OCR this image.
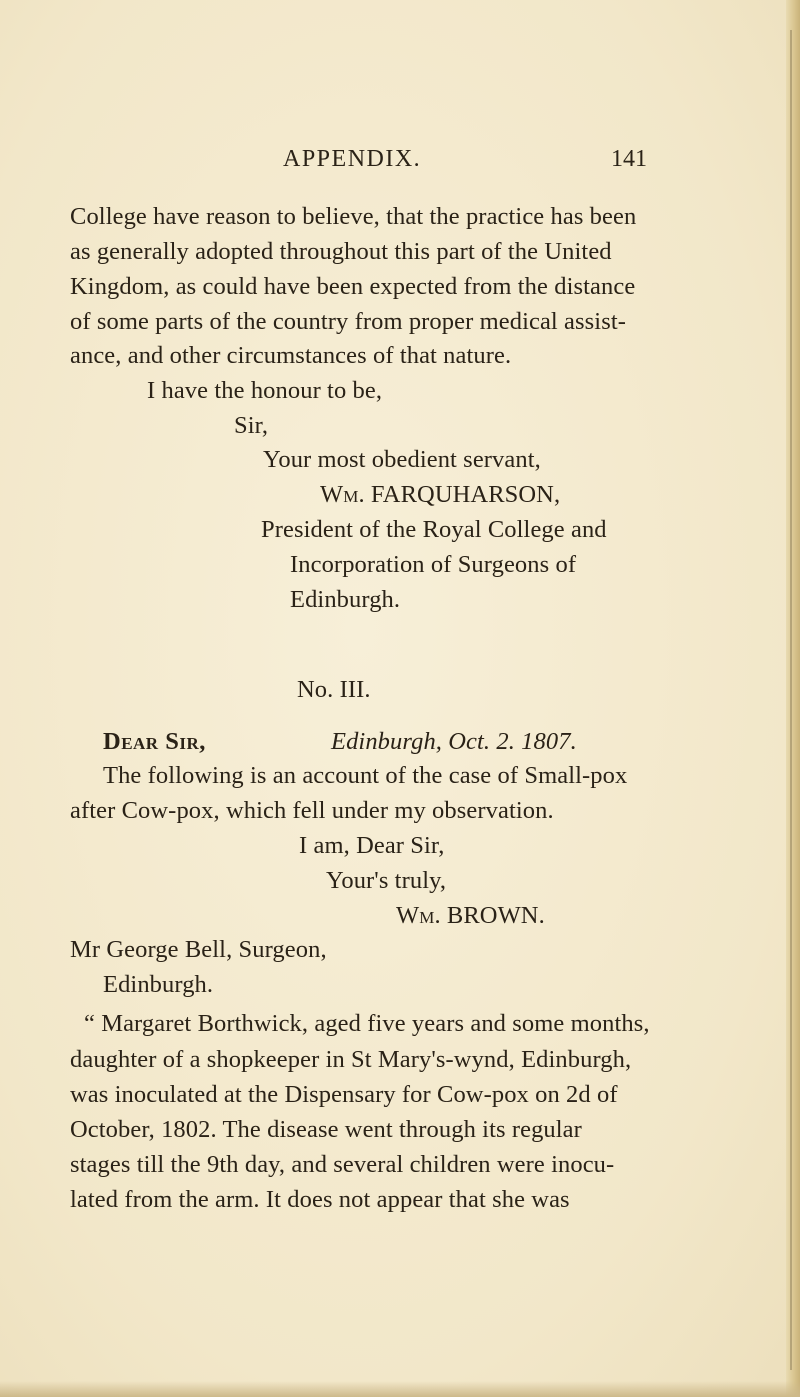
APPENDIX.	141
College have reason to believe, that the practice has been
as generally adopted throughout this part of the United
Kingdom, as could have been expected from the distance
of some parts of the country from proper medical assist-
ance, and other circumstances of that nature.
I have the honour to be,
Sir,
Your most obedient servant,
Wm. FARQUHARSON,
President of the Royal College and
Incorporation of Surgeons of
Edinburgh.
No. III.
Dear Sir,	Edinburgh, Oct. 2. 1807.
The following is an account of the case of Small-pox
after Cow-pox, which fell under my observation.
I am, Dear Sir,
Your's truly,
Wm. BROWN.
Mr George Bell, Surgeon,
Edinburgh.
“ Margaret Borthwick, aged five years and some months,
daughter of a shopkeeper in St Mary's-wynd, Edinburgh,
was inoculated at the Dispensary for Cow-pox on 2d of
October, 1802. The disease went through its regular
stages till the 9th day, and several children were inocu-
lated from the arm. It does not appear that she was
